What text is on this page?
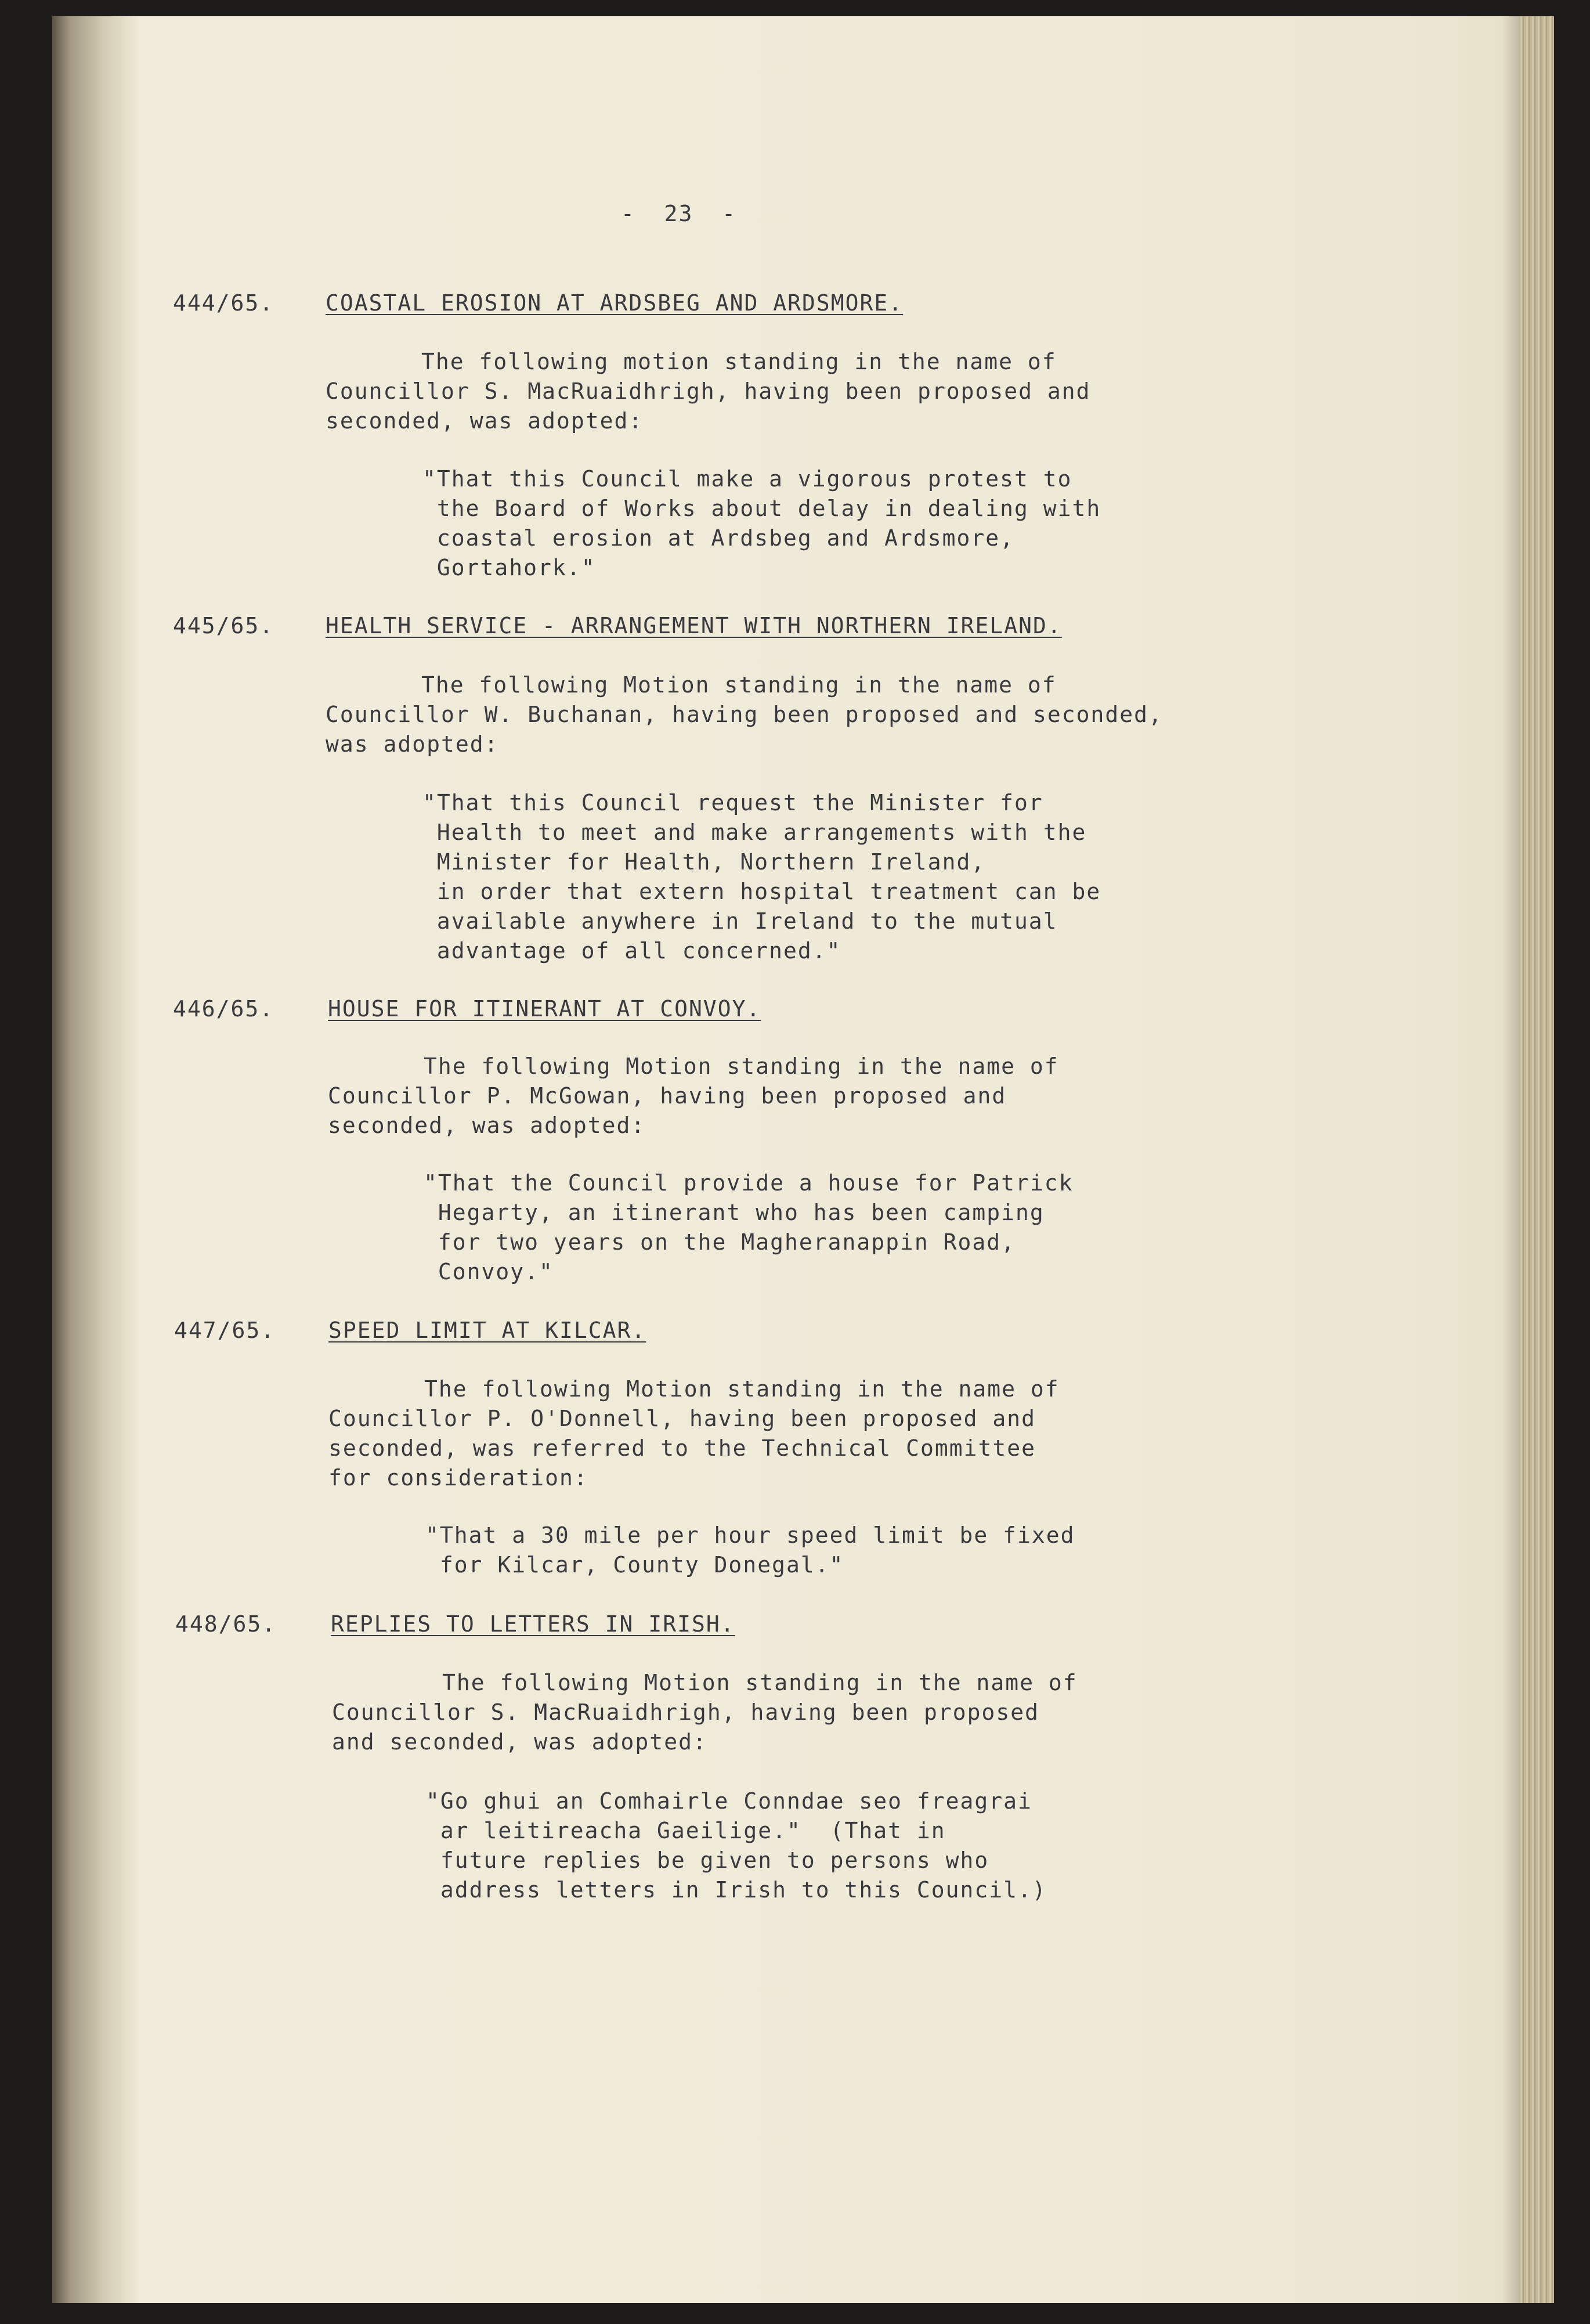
-  23  -
444/65. COASTAL EROSION AT ARDSBEG AND ARDSMORE.
The following motion standing in the name of
Councillor S. MacRuaidhrigh, having been proposed and
seconded, was adopted:
"That this Council make a vigorous protest to
the Board of Works about delay in dealing with
coastal erosion at Ardsbeg and Ardsmore,
Gortahork."
445/65. HEALTH SERVICE - ARRANGEMENT WITH NORTHERN IRELAND.
The following Motion standing in the name of
Councillor W. Buchanan, having been proposed and seconded,
was adopted:
"That this Council request the Minister for
Health to meet and make arrangements with the
Minister for Health, Northern Ireland,
in order that extern hospital treatment can be
available anywhere in Ireland to the mutual
advantage of all concerned."
446/65. HOUSE FOR ITINERANT AT CONVOY.
The following Motion standing in the name of
Councillor P. McGowan, having been proposed and
seconded, was adopted:
"That the Council provide a house for Patrick
Hegarty, an itinerant who has been camping
for two years on the Magheranappin Road,
Convoy."
447/65. SPEED LIMIT AT KILCAR.
The following Motion standing in the name of
Councillor P. O'Donnell, having been proposed and
seconded, was referred to the Technical Committee
for consideration:
"That a 30 mile per hour speed limit be fixed
for Kilcar, County Donegal."
448/65. REPLIES TO LETTERS IN IRISH.
The following Motion standing in the name of
Councillor S. MacRuaidhrigh, having been proposed
and seconded, was adopted:
"Go ghui an Comhairle Conndae seo freagrai
ar leitireacha Gaeilige."  (That in
future replies be given to persons who
address letters in Irish to this Council.)
